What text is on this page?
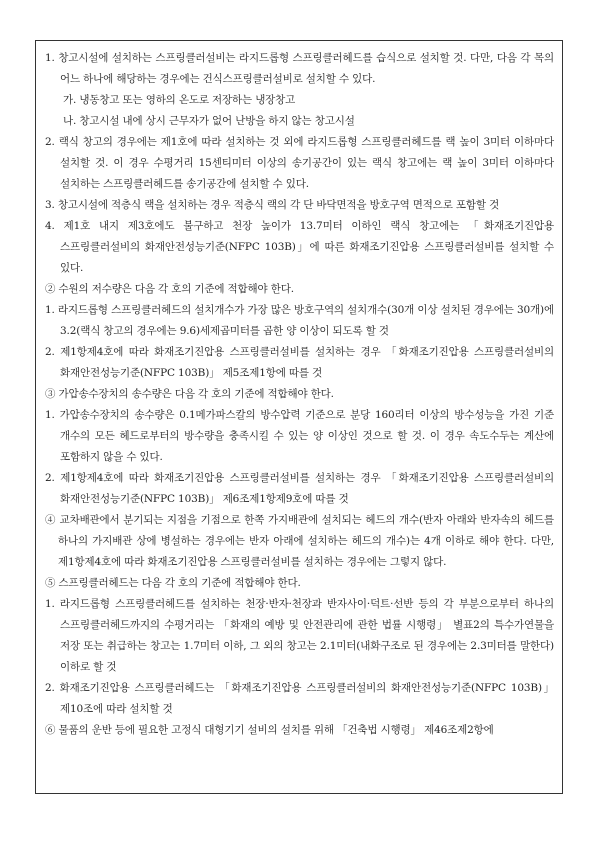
1. 창고시설에 설치하는 스프링클러설비는 라지드롭형 스프링클러헤드를 습식으로 설치할 것. 다만, 다음 각 목의 어느 하나에 해당하는 경우에는 건식스프링클러설비로 설치할 수 있다.
가. 냉동창고 또는 영하의 온도로 저장하는 냉장창고
나. 창고시설 내에 상시 근무자가 없어 난방을 하지 않는 창고시설
2. 랙식 창고의 경우에는 제1호에 따라 설치하는 것 외에 라지드롭형 스프링클러헤드를 랙 높이 3미터 이하마다 설치할 것. 이 경우 수평거리 15센티미터 이상의 송기공간이 있는 랙식 창고에는 랙 높이 3미터 이하마다 설치하는 스프링클러헤드를 송기공간에 설치할 수 있다.
3. 창고시설에 적층식 랙을 설치하는 경우 적층식 랙의 각 단 바닥면적을 방호구역 면적으로 포함할 것
4. 제1호 내지 제3호에도 불구하고 천장 높이가 13.7미터 이하인 랙식 창고에는 「화재조기진압용 스프링클러설비의 화재안전성능기준(NFPC 103B)」에 따른 화재조기진압용 스프링클러설비를 설치할 수 있다.
② 수원의 저수량은 다음 각 호의 기준에 적합해야 한다.
1. 라지드롭형 스프링클러헤드의 설치개수가 가장 많은 방호구역의 설치개수(30개 이상 설치된 경우에는 30개)에 3.2(랙식 창고의 경우에는 9.6)세제곱미터를 곱한 양 이상이 되도록 할 것
2. 제1항제4호에 따라 화재조기진압용 스프링클러설비를 설치하는 경우 「화재조기진압용 스프링클러설비의 화재안전성능기준(NFPC 103B)」 제5조제1항에 따를 것
③ 가압송수장치의 송수량은 다음 각 호의 기준에 적합해야 한다.
1. 가압송수장치의 송수량은 0.1메가파스칼의 방수압력 기준으로 분당 160리터 이상의 방수성능을 가진 기준 개수의 모든 헤드로부터의 방수량을 충족시킬 수 있는 양 이상인 것으로 할 것. 이 경우 속도수두는 계산에 포함하지 않을 수 있다.
2. 제1항제4호에 따라 화재조기진압용 스프링클러설비를 설치하는 경우 「화재조기진압용 스프링클러설비의 화재안전성능기준(NFPC 103B)」 제6조제1항제9호에 따를 것
④ 교차배관에서 분기되는 지점을 기점으로 한쪽 가지배관에 설치되는 헤드의 개수(반자 아래와 반자속의 헤드를 하나의 가지배관 상에 병설하는 경우에는 반자 아래에 설치하는 헤드의 개수)는 4개 이하로 해야 한다. 다만, 제1항제4호에 따라 화재조기진압용 스프링클러설비를 설치하는 경우에는 그렇지 않다.
⑤ 스프링클러헤드는 다음 각 호의 기준에 적합해야 한다.
1. 라지드롭형 스프링클러헤드를 설치하는 천장·반자·천장과 반자사이·덕트·선반 등의 각 부분으로부터 하나의 스프링클러헤드까지의 수평거리는 「화재의 예방 및 안전관리에 관한 법률 시행령」 별표2의 특수가연물을 저장 또는 취급하는 창고는 1.7미터 이하, 그 외의 창고는 2.1미터(내화구조로 된 경우에는 2.3미터를 말한다) 이하로 할 것
2. 화재조기진압용 스프링클러헤드는 「화재조기진압용 스프링클러설비의 화재안전성능기준(NFPC 103B)」 제10조에 따라 설치할 것
⑥ 물품의 운반 등에 필요한 고정식 대형기기 설비의 설치를 위해 「건축법 시행령」 제46조제2항에
